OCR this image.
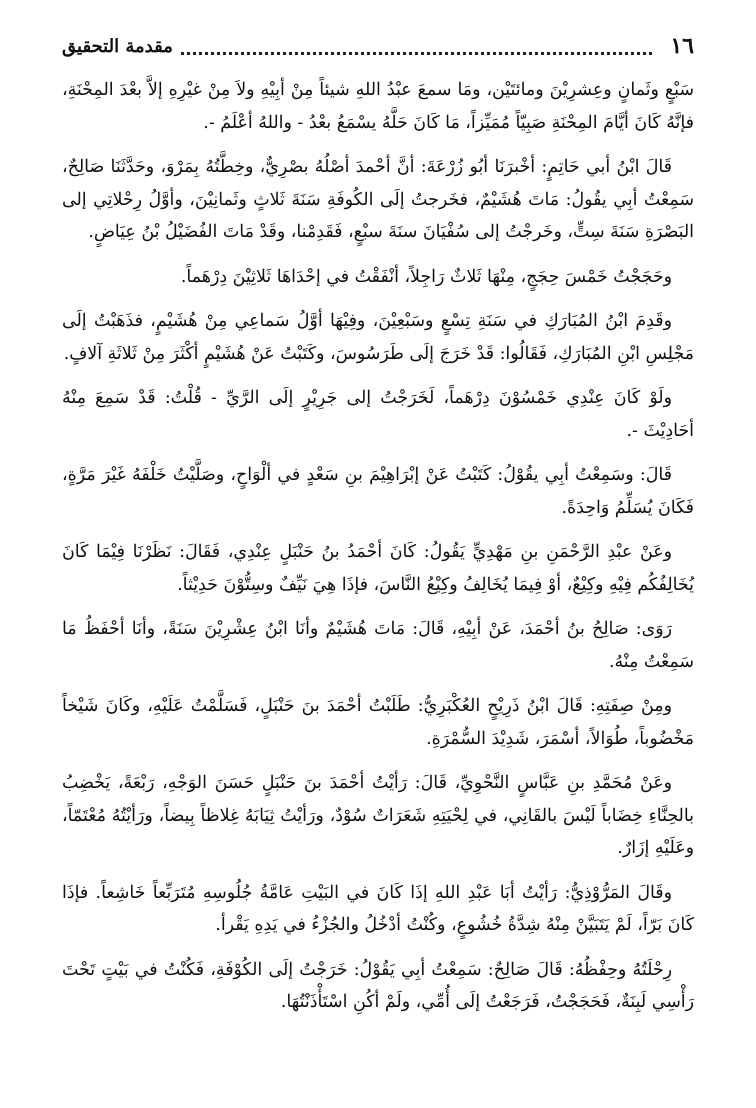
١٦
مقدمة التحقيق

سَبْعٍ وثَمانٍ وعِشرِيْنَ ومائتَيْن، ومَا سمعَ عبْدُ اللهِ شيئاً مِنْ أبِيْهِ ولاَ مِنْ غيْرِهِ إلاَّ بعْدَ المِحْنَةِ، فإنَّهُ كَانَ أيَّامَ المِحْنَةِ صَبِيّاً مُمَيِّزاً، مَا كَانَ حَلَّهُ يسْمَعُ بعْدُ - واللهُ أعْلَمُ -.

قَالَ ابْنُ أبي حَاتِمٍ: أخْبرَنَا أبُو زُرْعَةَ: أنَّ أحْمدَ أصْلُهُ بصْرِيٌّ، وخِطَّتُهُ بِمَرْوَ، وحَدَّثَنَا صَالِحٌ، سَمِعْتُ أبِي يقُولُ: مَاتَ هُشَيْمٌ، فخَرجتُ إلَى الكُوفَةِ سَنَةَ ثَلاثٍ وثَمانِيْنَ، وأوَّلُ رِحْلاتِي إلى البَصْرَةِ سَنَةَ سِتٍّ، وخَرجْتُ إلى سُفْيَانَ سنَةَ سبْعٍ، فَقَدِمْنا، وقَدْ مَاتَ الفُضَيْلُ بْنُ عِيَاضٍ.

وحَجَجْتُ خَمْسَ حِجَجٍ، مِنْهَا ثَلاثٌ رَاجِلاً، أنْفَقْتُ في إحْدَاهَا ثَلاثِيْنَ دِرْهَماً.

وقَدِمَ ابْنُ المُبَارَكِ في سَنَةِ تِسْعٍ وسَبْعِيْنَ، وفِيْهَا أوَّلُ سَماعِي مِنْ هُشَيْمٍ، فذَهَبْتُ إلَى مَجْلِسِ ابْنِ المُبَارَكِ، فَقَالُوا: قَدْ خَرَجَ إلَى طَرَسُوسَ، وكَتَبْتُ عَنْ هُشَيْمٍ أكْثَرَ مِنْ ثَلاثَةِ آلافٍ.

ولَوْ كَانَ عِنْدِي خَمْسُوْنَ دِرْهَماً، لَخَرَجْتُ إلى جَرِيْرٍ إلَى الرَّيِّ - قُلْتُ: قَدْ سَمِعَ مِنْهُ أحَادِيْثَ -.

قَالَ: وسَمِعْتُ أبِي يقُوْلُ: كَتَبْتُ عَنْ إبْرَاهِيْمَ بنِ سَعْدٍ في ألْوَاحٍ، وصَلَّيْتُ خَلْفَهُ غَيْرَ مَرَّةٍ، فَكَانَ يُسَلِّمُ وَاحِدَةً.

وعَنْ عبْدِ الرَّحْمَنِ بنِ مَهْدِيٍّ يَقُولُ: كَانَ أحْمَدُ بنُ حَنْبَلٍ عِنْدِي، فَقَالَ: نَظَرْنَا فِيْمَا كَانَ يُخَالِفُكُم فِيْهِ وكِيْعٌ، أوْ فِيمَا يُخَالِفُ وكِيْعُ النَّاسَ، فإذَا هِيَ نَيِّفٌ وسِتُّوْنَ حَدِيْثاً.

رَوَى: صَالِحُ بنُ أحْمَدَ، عَنْ أبِيْهِ، قَالَ: مَاتَ هُشَيْمٌ وأنَا ابْنُ عِشْرِيْنَ سَنَةً، وأنَا أحْفَظُ مَا سَمِعْتُ مِنْهُ.

ومِنْ صِفَتِهِ: قَالَ ابْنُ ذَرِيْحٍ العُكْبَرِيُّ: طَلَبْتُ أحْمَدَ بنَ حَنْبَلٍ، فَسَلَّمْتُ عَلَيْهِ، وكَانَ شَيْخاً مَخْضُوباً، طُوَالاً، أسْمَرَ، شَدِيْدَ السُّمْرَةِ.

وعَنْ مُحَمَّدِ بنِ عَبَّاسٍ النَّحْوِيِّ، قَالَ: رَأيْتُ أحْمَدَ بنَ حَنْبَلٍ حَسَنَ الوَجْهِ، رَبْعَةً، يَخْضِبُ بالحِنَّاءِ خِضَاباً لَيْسَ بالقَانِي، في لِحْيَتِهِ شَعَرَاتٌ سُوْدٌ، ورَأيْتُ ثِيَابَهُ غِلاظاً بِيضاً، ورَأيْتُهُ مُعْتَمّاً، وعَلَيْهِ إزَارٌ.

وقَالَ المَرُّوْذِيُّ: رَأيْتُ أبَا عَبْدِ اللهِ إذَا كَانَ في البَيْتِ عَامَّةُ جُلُوسِهِ مُتَرَبِّعاً خَاشِعاً. فإذَا كَانَ بَرّاً، لَمْ يَتَبَيَّنْ مِنْهُ شِدَّةُ خُشُوعٍ، وكُنْتُ أدْخُلُ والجُزْءُ في يَدِهِ يَقْرأ.

رِحْلَتُهُ وحِفْظُهُ: قَالَ صَالِحٌ: سَمِعْتُ أبِي يَقُوْلُ: خَرَجْتُ إلَى الكُوْفَةِ، فَكُنْتُ في بَيْتٍ تَحْتَ رَأْسِي لَبِنَةٌ، فَحَجَجْتُ، فَرَجَعْتُ إلَى أُمِّي، ولَمْ أكُنِ اسْتَأْذَنْتُهَا.
